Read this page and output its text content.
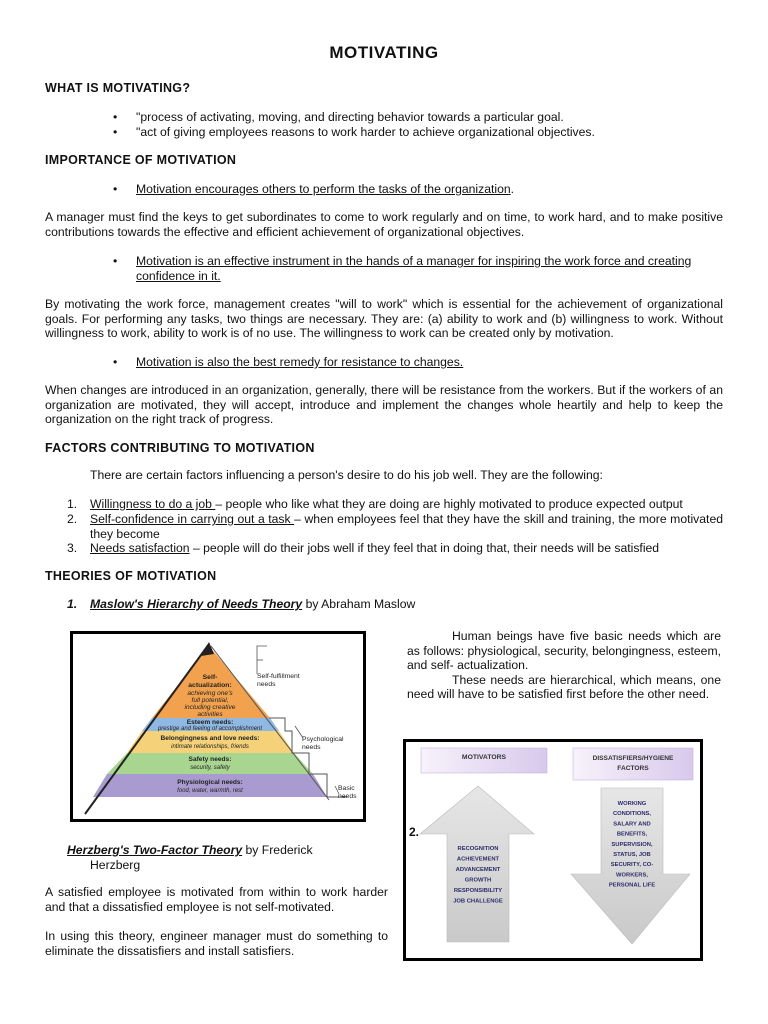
MOTIVATING
WHAT IS MOTIVATING?
• "process of activating, moving, and directing behavior towards a particular goal.
• "act of giving employees reasons to work harder to achieve organizational objectives.
IMPORTANCE OF MOTIVATION
• Motivation encourages others to perform the tasks of the organization.
A manager must find the keys to get subordinates to come to work regularly and on time, to work hard, and to make positive contributions towards the effective and efficient achievement of organizational objectives.
• Motivation is an effective instrument in the hands of a manager for inspiring the work force and creating
confidence in it.
By motivating the work force, management creates "will to work" which is essential for the achievement of organizational goals. For performing any tasks, two things are necessary. They are: (a) ability to work and (b) willingness to work. Without willingness to work, ability to work is of no use. The willingness to work can be created only by motivation.
• Motivation is also the best remedy for resistance to changes.
When changes are introduced in an organization, generally, there will be resistance from the workers. But if the workers of an organization are motivated, they will accept, introduce and implement the changes whole heartily and help to keep the organization on the right track of progress.
FACTORS CONTRIBUTING TO MOTIVATION
There are certain factors influencing a person's desire to do his job well. They are the following:
1. Willingness to do a job – people who like what they are doing are highly motivated to produce expected output
2. Self-confidence in carrying out a task – when employees feel that they have the skill and training, the more motivated they become
3. Needs satisfaction – people will do their jobs well if they feel that in doing that, their needs will be satisfied
THEORIES OF MOTIVATION
1. Maslow's Hierarchy of Needs Theory by Abraham Maslow
Self-
actualization:
achieving one's
full potential,
including creative
activities
Esteem needs:
prestige and feeling of accomplishment
Belongingness and love needs:
intimate relationships, friends
Safety needs:
security, safety
Physiological needs:
food, water, warmth, rest
Self-fulfillment
needs
Psychological
needs
Basic
needs
Human beings have five basic needs which are as follows: physiological, security, belongingness, esteem, and self- actualization.
These needs are hierarchical, which means, one need will have to be satisfied first before the other need.
MOTIVATORS	DISSATISFIERS/HYGIENE
FACTORS
2.
RECOGNITION
ACHIEVEMENT
ADVANCEMENT
GROWTH
RESPONSIBILITY
JOB CHALLENGE
WORKING
CONDITIONS,
SALARY AND
BENEFITS,
SUPERVISION,
STATUS, JOB
SECURITY, CO-
WORKERS,
PERSONAL LIFE
Herzberg's Two-Factor Theory by Frederick
Herzberg
A satisfied employee is motivated from within to work harder and that a dissatisfied employee is not self-motivated.
In using this theory, engineer manager must do something to eliminate the dissatisfiers and install satisfiers.
